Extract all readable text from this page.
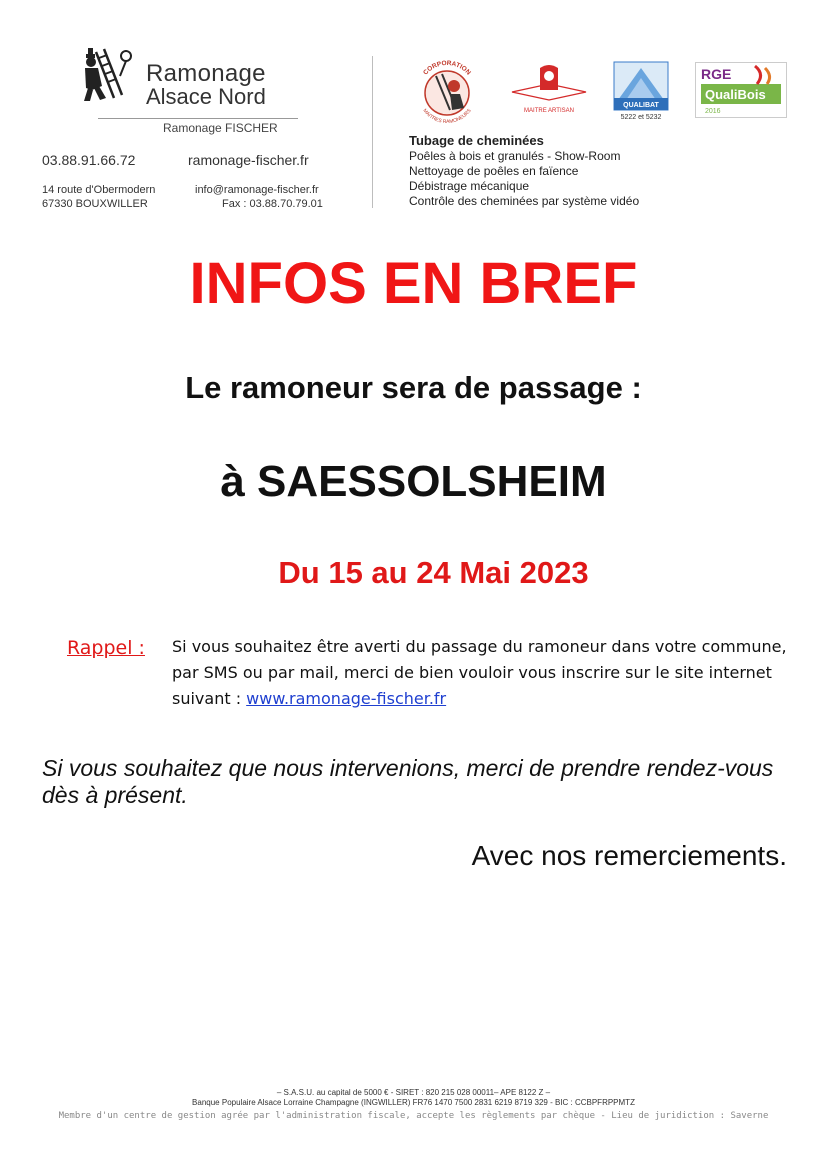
Ramonage
Alsace Nord
Ramonage FISCHER
03.88.91.66.72	ramonage-fischer.fr
14 route d'Obermodern
67330 BOUXWILLER
info@ramonage-fischer.fr
Fax : 03.88.70.79.01
CORPORATION
MAITRES RAMONEURS	MAITRE ARTISAN
QUALIBAT
5222 et 5232
RGE
QualiBois
2016
Tubage de cheminées
Poêles à bois et granulés - Show-Room
Nettoyage de poêles en faïence
Débistrage mécanique
Contrôle des cheminées par système vidéo
INFOS EN BREF
Le ramoneur sera de passage :
à SAESSOLSHEIM
Du 15 au 24 Mai 2023
Rappel : Si vous souhaitez être averti du passage du ramoneur dans votre commune, par SMS ou par mail, merci de bien vouloir vous inscrire sur le site internet suivant : www.ramonage-fischer.fr
Si vous souhaitez que nous intervenions, merci de prendre rendez-vous dès à présent.
Avec nos remerciements.
– S.A.S.U. au capital de 5000 € - SIRET : 820 215 028 00011– APE 8122 Z –
Banque Populaire Alsace Lorraine Champagne (INGWILLER) FR76 1470 7500 2831 6219 8719 329 - BIC : CCBPFRPPMTZ
Membre d'un centre de gestion agrée par l'administration fiscale, accepte les règlements par chèque - Lieu de juridiction : Saverne
